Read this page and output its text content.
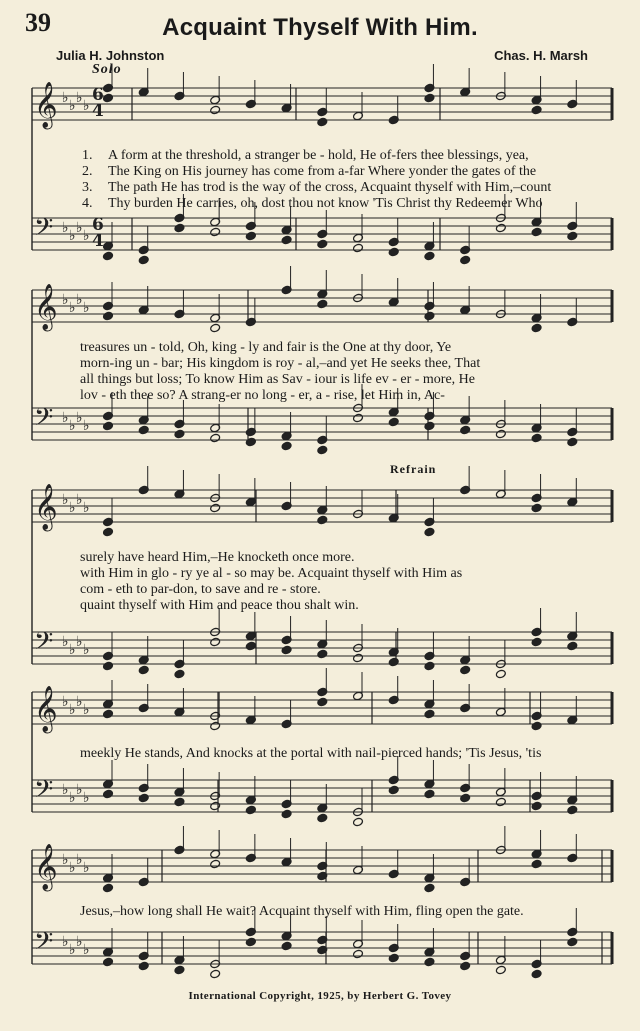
39	Acquaint Thyself With Him.
Julia H. Johnston	Chas. H. Marsh
Solo
Refrain
𝄞 ♭ ♭ ♭ ♭
𝄢 ♭ ♭ ♭ ♭
𝄞 ♭ ♭ ♭ ♭
𝄢 ♭ ♭ ♭ ♭
𝄞 ♭ ♭ ♭ ♭
𝄢 ♭ ♭ ♭ ♭
𝄞 ♭ ♭ ♭ ♭
𝄢 ♭ ♭ ♭ ♭
𝄞 ♭ ♭ ♭ ♭
𝄢 ♭ ♭ ♭ ♭
6
4
6
4
1. A form at the threshold, a stranger be - hold, He of-fers thee blessings, yea,
2. The King on His journey has come from a-far Where yonder the gates of the
3. The path He has trod is the way of the cross, Acquaint thyself with Him,–count
4. Thy burden He carries, oh, dost thou not know 'Tis Christ thy Redeemer Who
treasures un - told, Oh, king - ly and fair is the One at thy door, Ye
morn-ing un - bar; His kingdom is roy - al,–and yet He seeks thee, That
all things but loss; To know Him as Sav - iour is life ev - er - more, He
lov - eth thee so? A strang-er no long - er, a - rise, let Him in, Ac-
surely have heard Him,–He knocketh once more.
with Him in glo - ry ye al - so may be. Acquaint thyself with Him as
com - eth to par-don, to save and re - store.
quaint thyself with Him and peace thou shalt win.
meekly He stands, And knocks at the portal with nail-pierced hands; 'Tis Jesus, 'tis
Jesus,–how long shall He wait? Acquaint thyself with Him, fling open the gate.
International Copyright, 1925, by Herbert G. Tovey
